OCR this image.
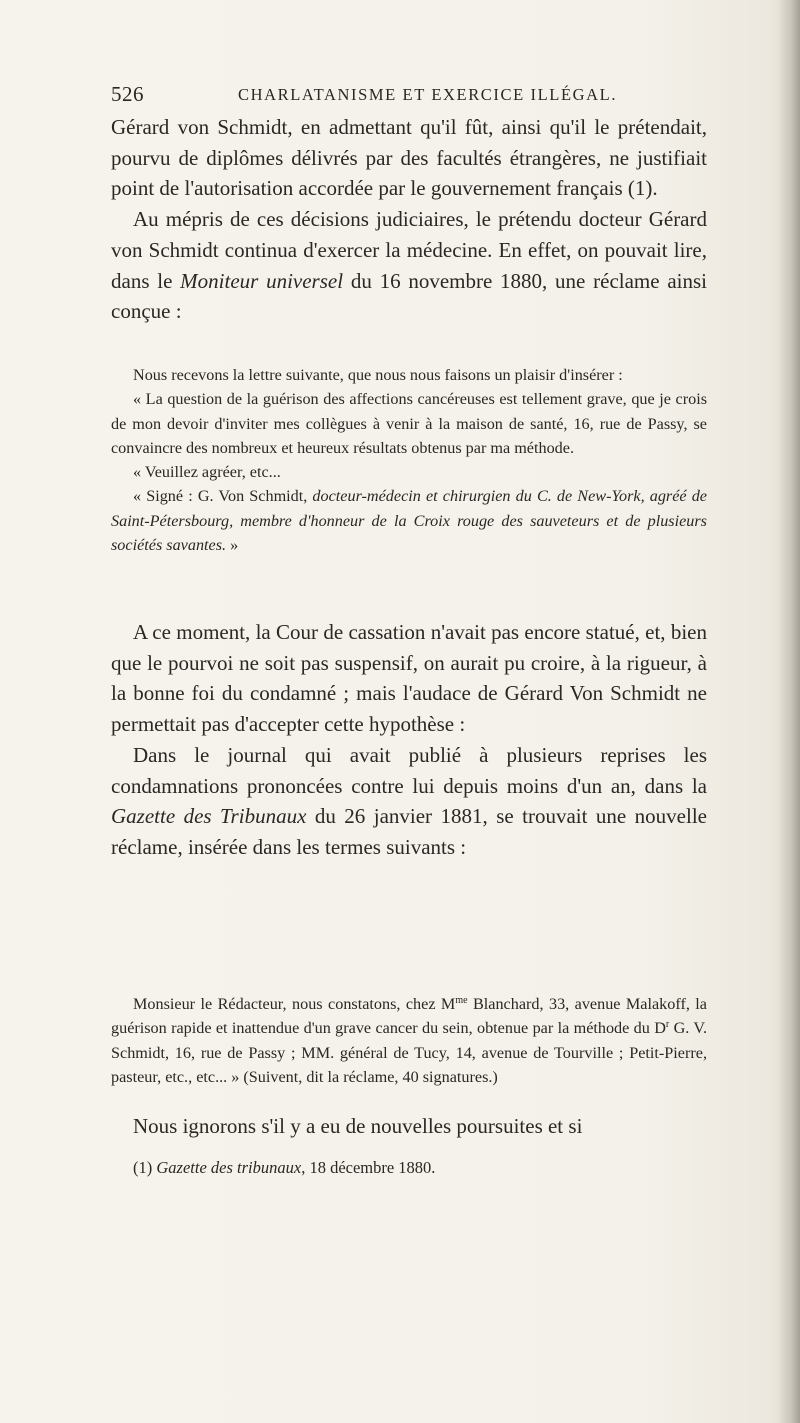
526	CHARLATANISME ET EXERCICE ILLÉGAL.

Gérard von Schmidt, en admettant qu'il fût, ainsi qu'il le prétendait, pourvu de diplômes délivrés par des facultés étrangères, ne justifiait point de l'autorisation accordée par le gouvernement français (1).

Au mépris de ces décisions judiciaires, le prétendu docteur Gérard von Schmidt continua d'exercer la médecine. En effet, on pouvait lire, dans le Moniteur universel du 16 novembre 1880, une réclame ainsi conçue :

Nous recevons la lettre suivante, que nous nous faisons un plaisir d'insérer :

« La question de la guérison des affections cancéreuses est tellement grave, que je crois de mon devoir d'inviter mes collègues à venir à la maison de santé, 16, rue de Passy, se convaincre des nombreux et heureux résultats obtenus par ma méthode.

« Veuillez agréer, etc...

« Signé : G. Von Schmidt, docteur-médecin et chirurgien du C. de New-York, agréé de Saint-Pétersbourg, membre d'honneur de la Croix rouge des sauveteurs et de plusieurs sociétés savantes. »

A ce moment, la Cour de cassation n'avait pas encore statué, et, bien que le pourvoi ne soit pas suspensif, on aurait pu croire, à la rigueur, à la bonne foi du condamné ; mais l'audace de Gérard Von Schmidt ne permettait pas d'accepter cette hypothèse :

Dans le journal qui avait publié à plusieurs reprises les condamnations prononcées contre lui depuis moins d'un an, dans la Gazette des Tribunaux du 26 janvier 1881, se trouvait une nouvelle réclame, insérée dans les termes suivants :

Monsieur le Rédacteur, nous constatons, chez $M^{me}$ Blanchard, 33, avenue Malakoff, la guérison rapide et inattendue d'un grave cancer du sein, obtenue par la méthode du $D^r$ G. V. Schmidt, 16, rue de Passy ; MM. général de Tucy, 14, avenue de Tourville ; Petit-Pierre, pasteur, etc., etc... » (Suivent, dit la réclame, 40 signatures.)

Nous ignorons s'il y a eu de nouvelles poursuites et si

(1) Gazette des tribunaux, 18 décembre 1880.
